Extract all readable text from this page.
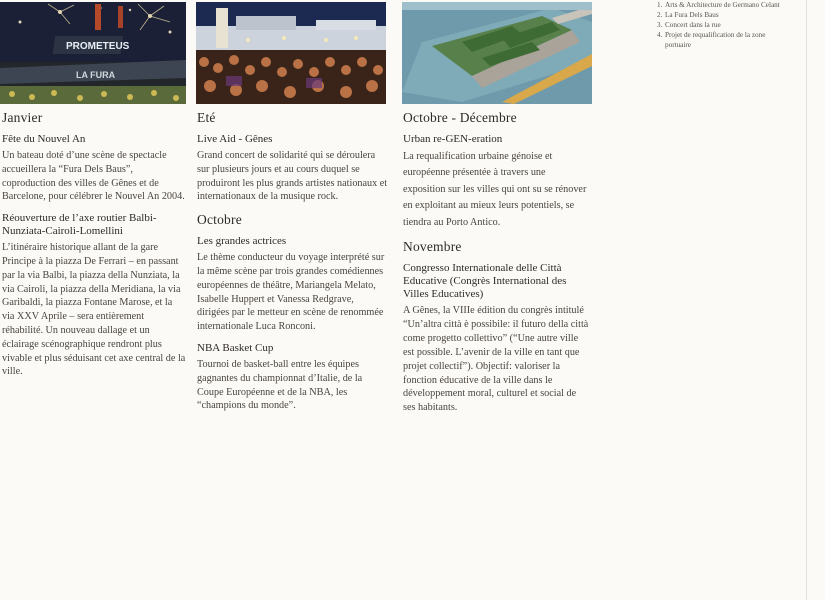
PROMETEUS
LA FURA
1. Arts & Architecture de Germano Celant
2. La Fura Dels Baus
3. Concert dans la rue
4. Projet de requalification de la zone portuaire
Janvier
Fête du Nouvel An

Un bateau doté d’une scène de spectacle accueillera la “Fura Dels Baus”, coproduction des villes de Gênes et de Barcelone, pour célébrer le Nouvel An 2004.

Réouverture de l’axe routier Balbi-Nunziata-Cairoli-Lomellini

L’itinéraire historique allant de la gare Principe à la piazza De Ferrari – en passant par la via Balbi, la piazza della Nunziata, la via Cairoli, la piazza della Meridiana, la via Garibaldi, la piazza Fontane Marose, et la via XXV Aprile – sera entièrement réhabilité. Un nouveau dallage et un éclairage scénographique rendront plus vivable et plus séduisant cet axe central de la ville.

Eté
Live Aid - Gênes

Grand concert de solidarité qui se déroulera sur plusieurs jours et au cours duquel se produiront les plus grands artistes nationaux et internationaux de la musique rock.

Octobre
Les grandes actrices

Le thème conducteur du voyage interprété sur la même scène par trois grandes comédiennes européennes de théâtre, Mariangela Melato, Isabelle Huppert et Vanessa Redgrave, dirigées par le metteur en scène de renommée internationale Luca Ronconi.

NBA Basket Cup

Tournoi de basket-ball entre les équipes gagnantes du championnat d’Italie, de la Coupe Européenne et de la NBA, les “champions du monde”.

Octobre - Décembre
Urban re-GEN-eration

La requalification urbaine génoise et européenne présentée à travers une exposition sur les villes qui ont su se rénover en exploitant au mieux leurs potentiels, se tiendra au Porto Antico.

Novembre
Congresso Internationale delle Città Educative (Congrès International des Villes Educatives)

A Gênes, la VIIIe édition du congrès intitulé “Un’altra città è possibile: il futuro della città come progetto collettivo” (“Une autre ville est possible. L’avenir de la ville en tant que projet collectif”). Objectif: valoriser la fonction éducative de la ville dans le développement moral, culturel et social de ses habitants.
